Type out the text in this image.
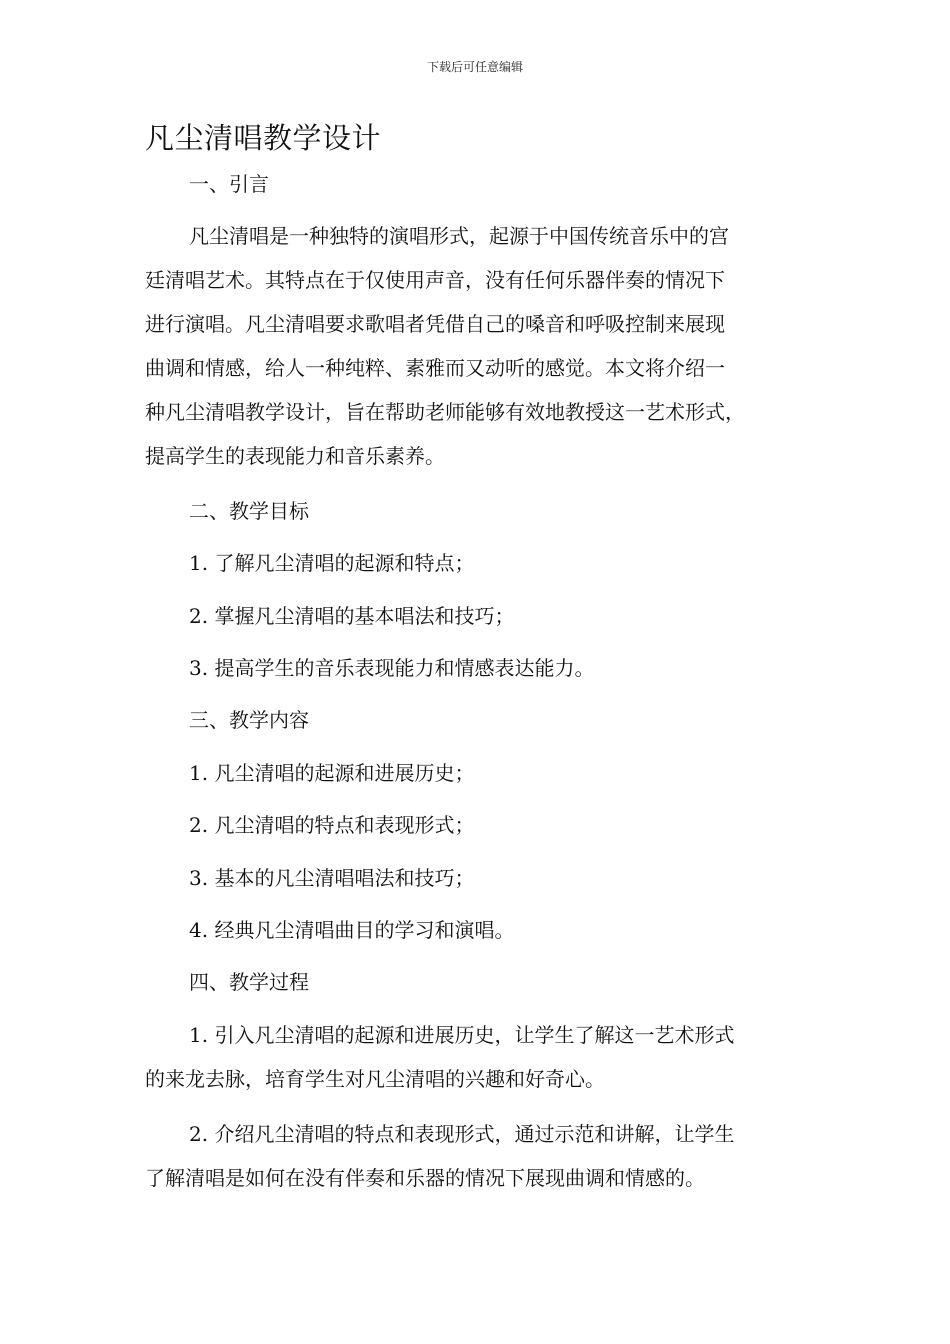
下载后可任意编辑
凡尘清唱教学设计
一、引言
凡尘清唱是一种独特的演唱形式，起源于中国传统音乐中的宫
廷清唱艺术。其特点在于仅使用声音，没有任何乐器伴奏的情况下
进行演唱。凡尘清唱要求歌唱者凭借自己的嗓音和呼吸控制来展现
曲调和情感，给人一种纯粹、素雅而又动听的感觉。本文将介绍一
种凡尘清唱教学设计，旨在帮助老师能够有效地教授这一艺术形式，
提高学生的表现能力和音乐素养。
二、教学目标
1. 了解凡尘清唱的起源和特点；
2. 掌握凡尘清唱的基本唱法和技巧；
3. 提高学生的音乐表现能力和情感表达能力。
三、教学内容
1. 凡尘清唱的起源和进展历史；
2. 凡尘清唱的特点和表现形式；
3. 基本的凡尘清唱唱法和技巧；
4. 经典凡尘清唱曲目的学习和演唱。
四、教学过程
1. 引入凡尘清唱的起源和进展历史，让学生了解这一艺术形式
的来龙去脉，培育学生对凡尘清唱的兴趣和好奇心。
2. 介绍凡尘清唱的特点和表现形式，通过示范和讲解，让学生
了解清唱是如何在没有伴奏和乐器的情况下展现曲调和情感的。
